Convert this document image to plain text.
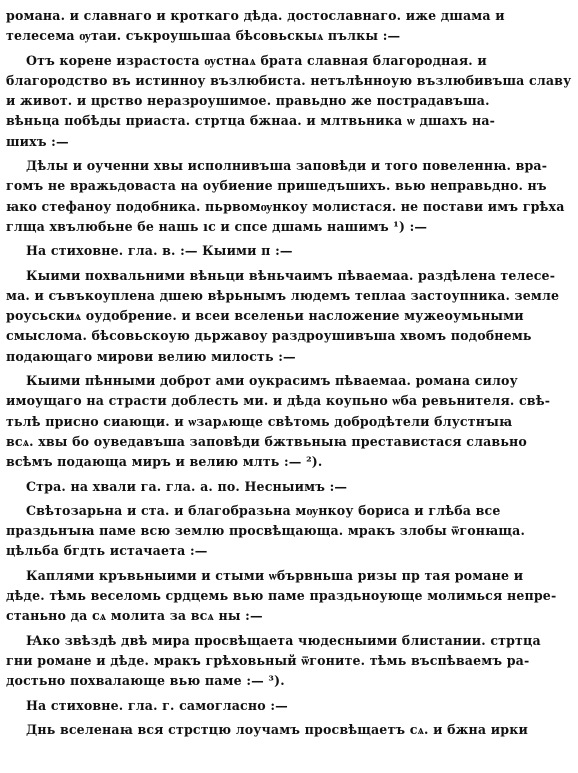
романа. и славнаго и кроткаго дѣда. достославнаго. иже дшама и
телесема ѹтаи. съкроушьшаа бѣсовьскыѧ пълкы :—
Отъ корене израстоста ѹстнаѧ брата славная благородная. и
благородство въ истинноу възлюбиста. нетълѣнноую възлюбивъша славу
и живот. и црство неразроушимое. правьдно же пострадавъша.
вѣньца побѣды приаста. стртца бжнаа. и млтвьника ѡ дшахъ на-
шихъ :—
Дѣлы и оученни хвы исполнивъша заповѣди и того повеленнꙗ. вра-
гомъ не вражьдоваста на оубиение пришедъшихъ. вью неправьдно. нъ
ꙗко стефаноу подобника. пьрвомѹнкоу молистася. не постави имъ грѣха
глща хвълюбьне бе нашь ıс и спсе дшамь нашимъ ¹) :—
На стиховне. гла. в. :— Кыими п :—
Кыими похвальними вѣньци вѣньчаимъ пѣваемаа. раздѣлена телесе-
ма. и съвъкоуплена дшею вѣрьнымъ людемъ теплаа застоупника. земле
роусьскиѧ оудобрение. и всеи вселеньи насложение мужеоумьными
смыслома. бѣсовьскоую дьржавоу раздроушивъша хвомъ подобнемь
подающаго мирови велию милость :—
Кыими пѣнными доброт ами оукрасимъ пѣваемаа. романа силоу
имоущаго на страсти доблесть ми. и дѣда коупьно ѡба ревьнителя. свѣ-
тьлѣ присно сиающи. и ѡзарѧюще свѣтомь добродѣтели блустнꙑꙗ
всѧ. хвы бо оуведавъша заповѣди бжтвьныꙗ преставистася славьно
всѣмъ подающа миръ и велию млть :— ²).
Стра. на хвали га. гла. а. по. Несныимъ :—
Свѣтозарьна и ста. и благобразьна мѹнкоу бориса и глѣба все
праздьнꙑꙗ паме всю землю просвѣщающа. мракъ злобы ѿгонꙗща.
цѣльба бгдть истачаета :—
Каплями кръвьныими и стыми ѡбървньша ризы пр тая романе и
дѣде. тѣмь веселомь срдцемь вью паме праздьноующе молимься непре-
станьно да сѧ молита за всѧ ны :—
Ꙗко звѣздѣ двѣ мира просвѣщаета чюдесныими блистании. стртца
гни романе и дѣде. мракъ грѣховьный ѿгоните. тѣмь въспѣваемъ ра-
достьно похвалающе вью паме :— ³).
На стиховне. гла. г. самогласно :—
Днь вселенаꙗ вся стрстцю лоучамъ просвѣщаетъ сѧ. и бжна ирки
